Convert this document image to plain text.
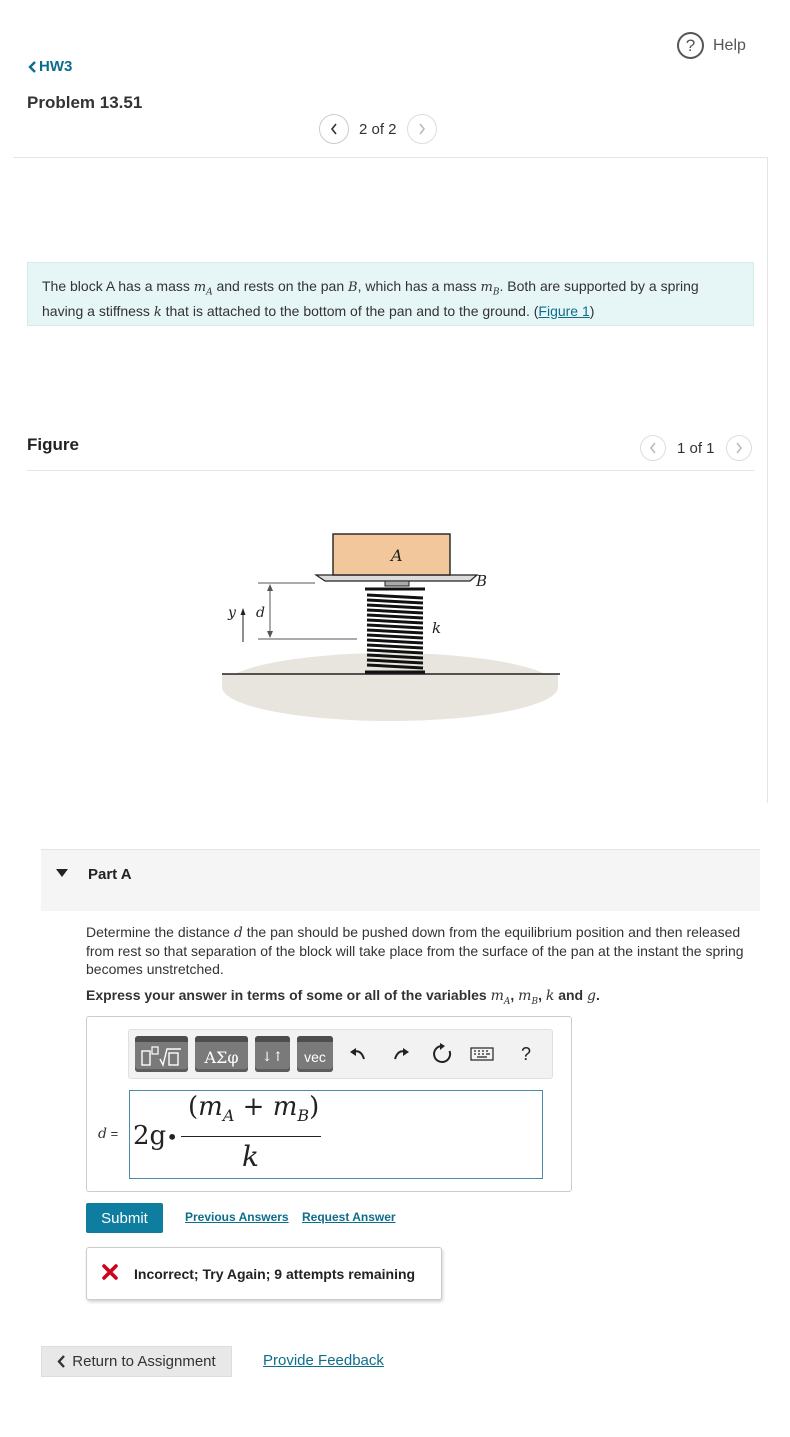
?	Help
HW3
Problem 13.51
2 of 2
The block A has a mass $m_A$ and rests on the pan B, which has a mass $m_B$. Both are supported by a spring having a stiffness k that is attached to the bottom of the pan and to the ground. (Figure 1)
Figure	1 of 1
A
B
k
y d
Part A
Determine the distance d the pan should be pushed down from the equilibrium position and then released from rest so that separation of the block will take place from the surface of the pan at the instant the spring becomes unstretched.
Express your answer in terms of some or all of the variables $m_A$, $m_B$, k and g.
ΑΣφ ↓↑ vec	?
d = 2g•
$(m_A + m_B)$
k
Submit	Previous Answers Request Answer
Incorrect; Try Again; 9 attempts remaining
Return to Assignment	Provide Feedback
